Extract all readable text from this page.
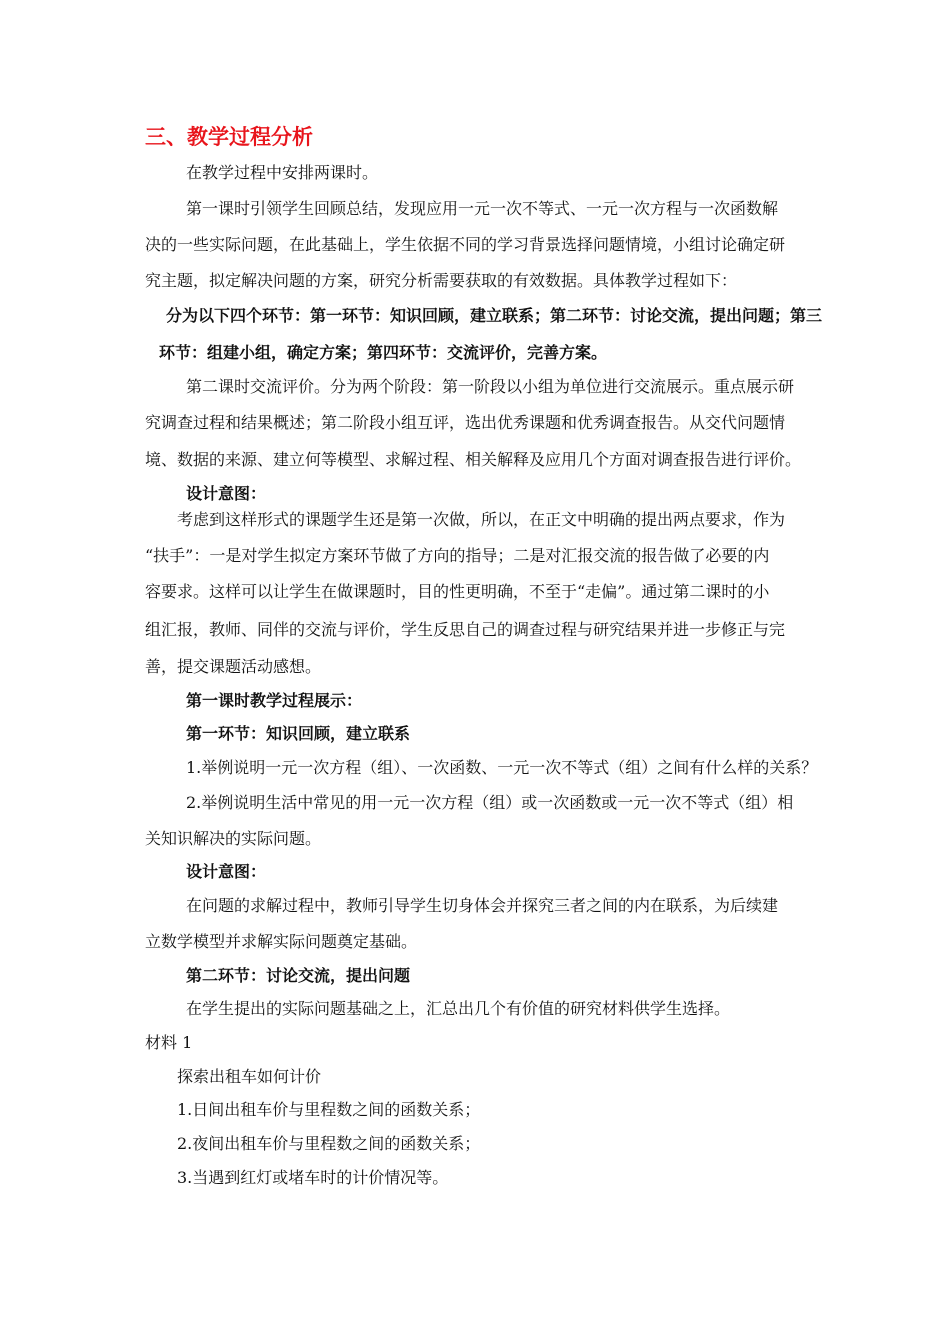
三、教学过程分析
在教学过程中安排两课时。
第一课时引领学生回顾总结，发现应用一元一次不等式、一元一次方程与一次函数解
决的一些实际问题，在此基础上，学生依据不同的学习背景选择问题情境，小组讨论确定研
究主题，拟定解决问题的方案，研究分析需要获取的有效数据。具体教学过程如下：
分为以下四个环节：第一环节：知识回顾，建立联系；第二环节：讨论交流，提出问题；第三
环节：组建小组，确定方案；第四环节：交流评价，完善方案。
第二课时交流评价。分为两个阶段：第一阶段以小组为单位进行交流展示。重点展示研
究调查过程和结果概述；第二阶段小组互评，选出优秀课题和优秀调查报告。从交代问题情
境、数据的来源、建立何等模型、求解过程、相关解释及应用几个方面对调查报告进行评价。
设计意图：
考虑到这样形式的课题学生还是第一次做，所以，在正文中明确的提出两点要求，作为
“扶手”：一是对学生拟定方案环节做了方向的指导；二是对汇报交流的报告做了必要的内
容要求。这样可以让学生在做课题时，目的性更明确，不至于“走偏”。通过第二课时的小
组汇报，教师、同伴的交流与评价，学生反思自己的调查过程与研究结果并进一步修正与完
善，提交课题活动感想。
第一课时教学过程展示：
第一环节：知识回顾，建立联系
1.举例说明一元一次方程（组）、一次函数、一元一次不等式（组）之间有什么样的关系？
2.举例说明生活中常见的用一元一次方程（组）或一次函数或一元一次不等式（组）相
关知识解决的实际问题。
设计意图：
在问题的求解过程中，教师引导学生切身体会并探究三者之间的内在联系，为后续建
立数学模型并求解实际问题奠定基础。
第二环节：讨论交流，提出问题
在学生提出的实际问题基础之上，汇总出几个有价值的研究材料供学生选择。
材料 1
探索出租车如何计价
1.日间出租车价与里程数之间的函数关系；
2.夜间出租车价与里程数之间的函数关系；
3.当遇到红灯或堵车时的计价情况等。
